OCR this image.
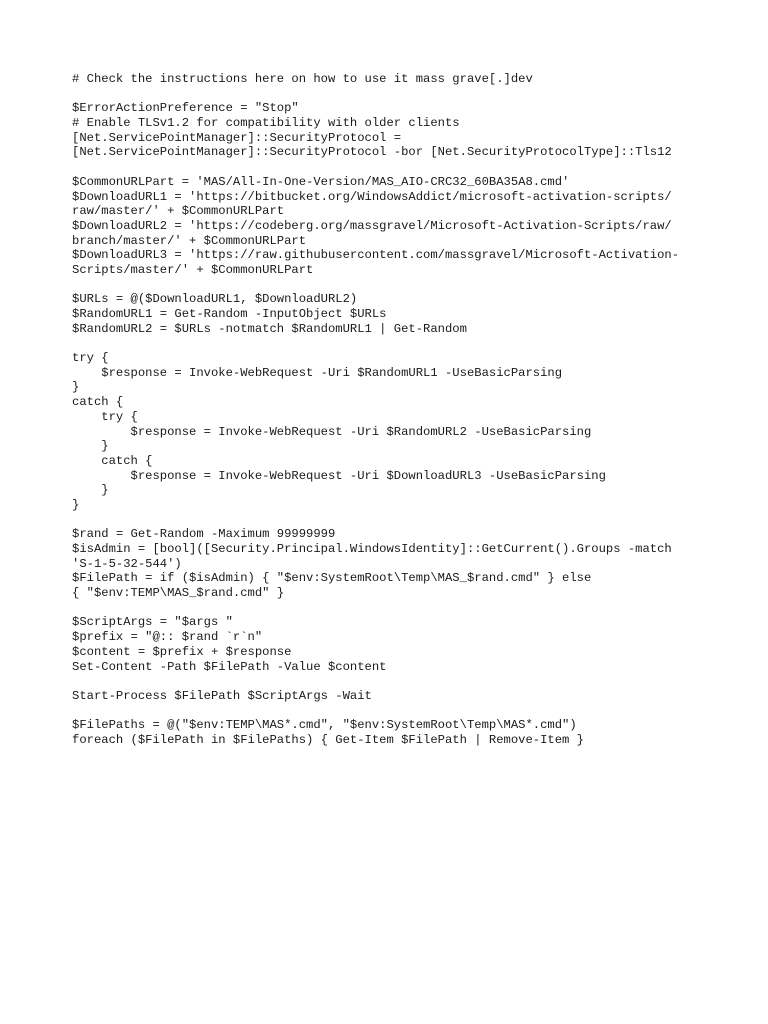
# Check the instructions here on how to use it mass grave[.]dev
$ErrorActionPreference = "Stop"
# Enable TLSv1.2 for compatibility with older clients
[Net.ServicePointManager]::SecurityProtocol =
[Net.ServicePointManager]::SecurityProtocol -bor [Net.SecurityProtocolType]::Tls12
$CommonURLPart = 'MAS/All-In-One-Version/MAS_AIO-CRC32_60BA35A8.cmd'
$DownloadURL1 = 'https://bitbucket.org/WindowsAddict/microsoft-activation-scripts/
raw/master/' + $CommonURLPart
$DownloadURL2 = 'https://codeberg.org/massgravel/Microsoft-Activation-Scripts/raw/
branch/master/' + $CommonURLPart
$DownloadURL3 = 'https://raw.githubusercontent.com/massgravel/Microsoft-Activation-
Scripts/master/' + $CommonURLPart
$URLs = @($DownloadURL1, $DownloadURL2)
$RandomURL1 = Get-Random -InputObject $URLs
$RandomURL2 = $URLs -notmatch $RandomURL1 | Get-Random
try {
$response = Invoke-WebRequest -Uri $RandomURL1 -UseBasicParsing
}
catch {
try {
$response = Invoke-WebRequest -Uri $RandomURL2 -UseBasicParsing
}
catch {
$response = Invoke-WebRequest -Uri $DownloadURL3 -UseBasicParsing
}
}
$rand = Get-Random -Maximum 99999999
$isAdmin = [bool]([Security.Principal.WindowsIdentity]::GetCurrent().Groups -match
'S-1-5-32-544')
$FilePath = if ($isAdmin) { "$env:SystemRoot\Temp\MAS_$rand.cmd" } else
{ "$env:TEMP\MAS_$rand.cmd" }
$ScriptArgs = "$args "
$prefix = "@:: $rand `r`n"
$content = $prefix + $response
Set-Content -Path $FilePath -Value $content
Start-Process $FilePath $ScriptArgs -Wait
$FilePaths = @("$env:TEMP\MAS*.cmd", "$env:SystemRoot\Temp\MAS*.cmd")
foreach ($FilePath in $FilePaths) { Get-Item $FilePath | Remove-Item }
